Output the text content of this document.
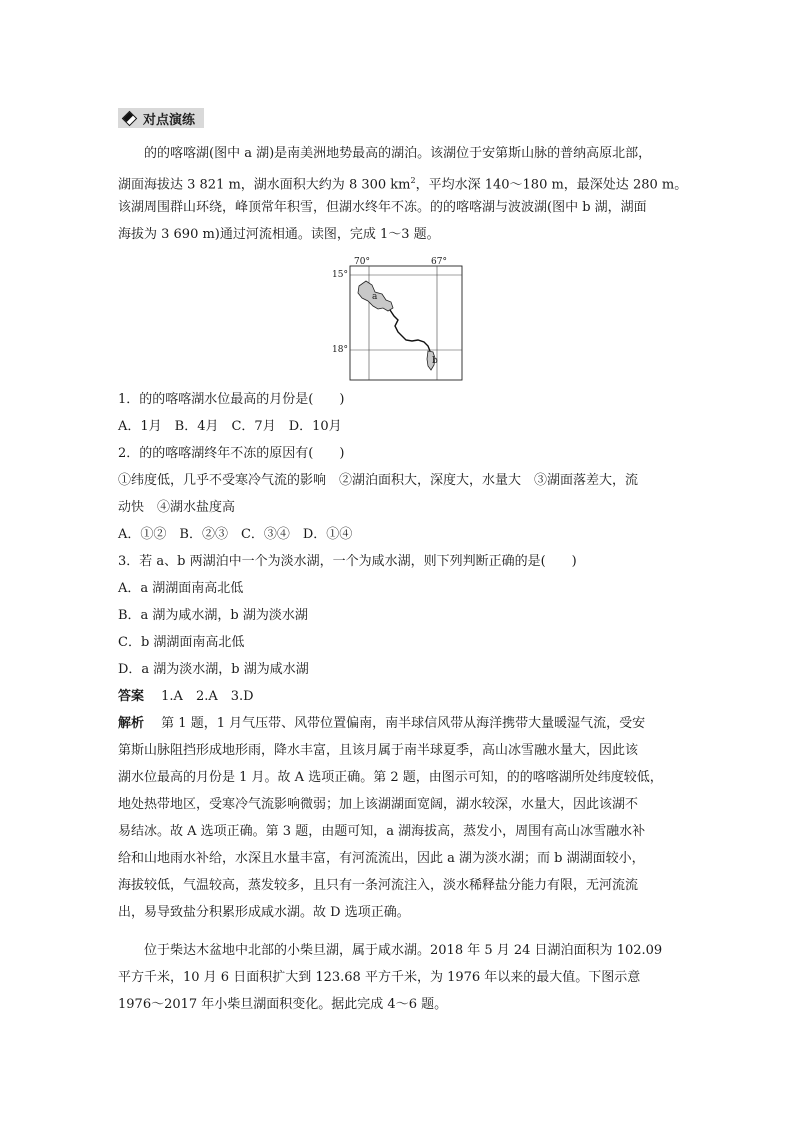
对点演练
的的喀喀湖(图中 a 湖)是南美洲地势最高的湖泊。该湖位于安第斯山脉的普纳高原北部，
湖面海拔达 3 821 m，湖水面积大约为 8 300 $km^2$，平均水深 140～180 m，最深处达 280 m。
该湖周围群山环绕，峰顶常年积雪，但湖水终年不冻。的的喀喀湖与波波湖(图中 b 湖，湖面
海拔为 3 690 m)通过河流相通。读图，完成 1～3 题。
70°	67°
15°
18°
a
b
1．的的喀喀湖水位最高的月份是(　　)
A．1月　B．4月　C．7月　D．10月
2．的的喀喀湖终年不冻的原因有(　　)
①纬度低，几乎不受寒冷气流的影响　②湖泊面积大，深度大，水量大　③湖面落差大，流
动快　④湖水盐度高
A．①②　B．②③　C．③④　D．①④
3．若 a、b 两湖泊中一个为淡水湖，一个为咸水湖，则下列判断正确的是(　　)
A．a 湖湖面南高北低
B．a 湖为咸水湖，b 湖为淡水湖
C．b 湖湖面南高北低
D．a 湖为淡水湖，b 湖为咸水湖
答案　 1.A　2.A　3.D
解析　 第 1 题，1 月气压带、风带位置偏南，南半球信风带从海洋携带大量暖湿气流，受安
第斯山脉阻挡形成地形雨，降水丰富，且该月属于南半球夏季，高山冰雪融水量大，因此该
湖水位最高的月份是 1 月。故 A 选项正确。第 2 题，由图示可知，的的喀喀湖所处纬度较低，
地处热带地区，受寒冷气流影响微弱；加上该湖湖面宽阔，湖水较深，水量大，因此该湖不
易结冰。故 A 选项正确。第 3 题，由题可知，a 湖海拔高，蒸发小，周围有高山冰雪融水补
给和山地雨水补给，水深且水量丰富，有河流流出，因此 a 湖为淡水湖；而 b 湖湖面较小，
海拔较低，气温较高，蒸发较多，且只有一条河流注入，淡水稀释盐分能力有限，无河流流
出，易导致盐分积累形成咸水湖。故 D 选项正确。
位于柴达木盆地中北部的小柴旦湖，属于咸水湖。2018 年 5 月 24 日湖泊面积为 102.09
平方千米，10 月 6 日面积扩大到 123.68 平方千米，为 1976 年以来的最大值。下图示意
1976～2017 年小柴旦湖面积变化。据此完成 4～6 题。
